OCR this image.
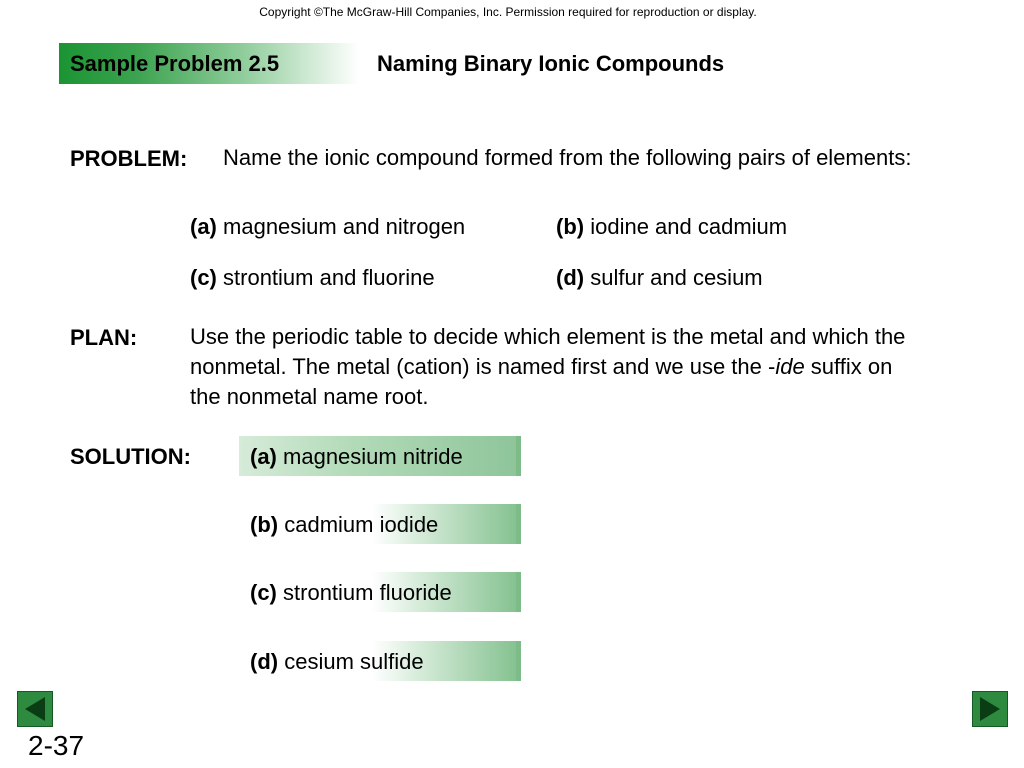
Copyright ©The McGraw-Hill Companies, Inc. Permission required for reproduction or display.
Sample Problem 2.5	Naming Binary Ionic Compounds
PROBLEM: Name the ionic compound formed from the following pairs of elements:
(a) magnesium and nitrogen	(b) iodine and cadmium
(c) strontium and fluorine	(d) sulfur and cesium
PLAN: Use the periodic table to decide which element is the metal and which the nonmetal. The metal (cation) is named first and we use the -ide suffix on the nonmetal name root.
SOLUTION:	(a) magnesium nitride
(b) cadmium iodide
(c) strontium fluoride
(d) cesium sulfide
2-37
